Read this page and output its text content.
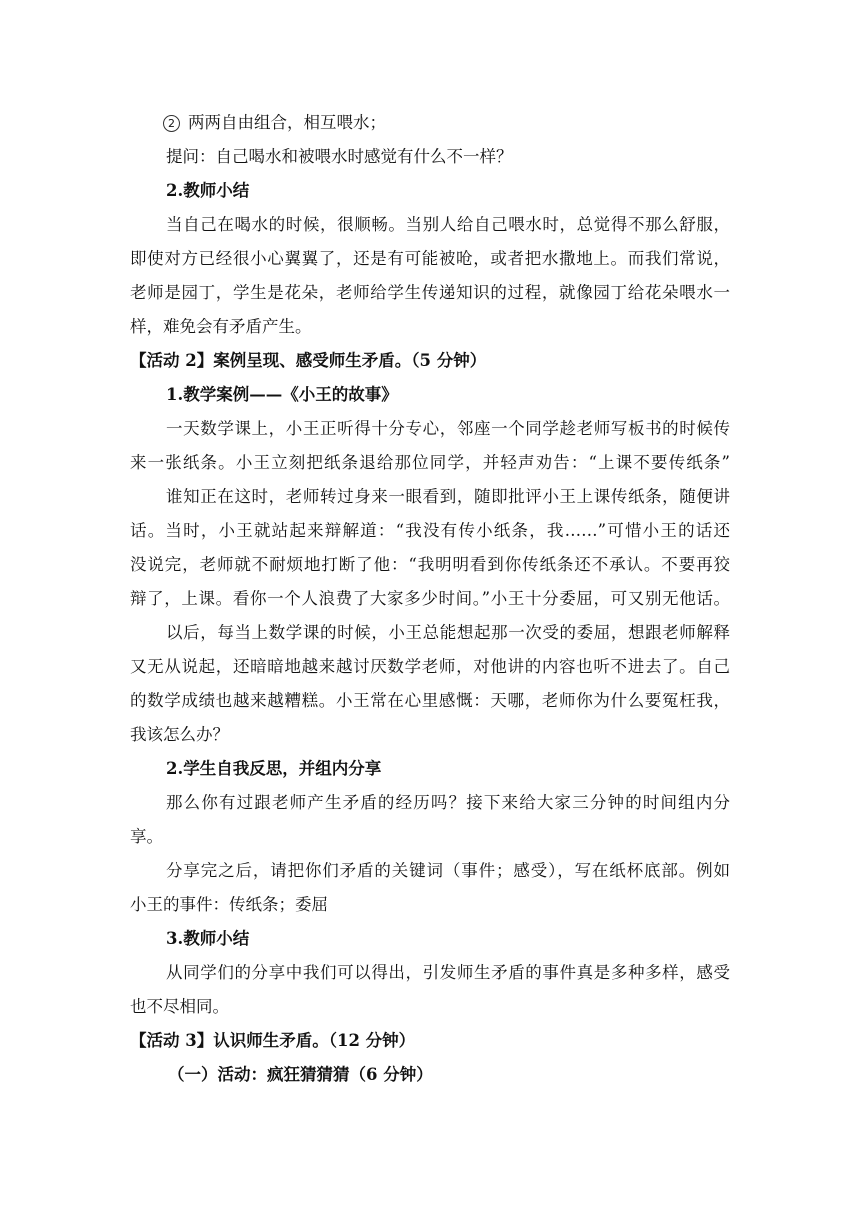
2 两两自由组合，相互喂水；
提问：自己喝水和被喂水时感觉有什么不一样？
2.教师小结
当自己在喝水的时候，很顺畅。当别人给自己喂水时，总觉得不那么舒服，
即使对方已经很小心翼翼了，还是有可能被呛，或者把水撒地上。而我们常说，
老师是园丁，学生是花朵，老师给学生传递知识的过程，就像园丁给花朵喂水一
样，难免会有矛盾产生。
【活动 2】案例呈现、感受师生矛盾。（5 分钟）
1.教学案例——《小王的故事》
一天数学课上，小王正听得十分专心，邻座一个同学趁老师写板书的时候传
来一张纸条。小王立刻把纸条退给那位同学，并轻声劝告：“上课不要传纸条”
谁知正在这时，老师转过身来一眼看到，随即批评小王上课传纸条，随便讲
话。当时，小王就站起来辩解道：“我没有传小纸条，我……”可惜小王的话还
没说完，老师就不耐烦地打断了他：“我明明看到你传纸条还不承认。不要再狡
辩了，上课。看你一个人浪费了大家多少时间。”小王十分委屈，可又别无他话。
以后，每当上数学课的时候，小王总能想起那一次受的委屈，想跟老师解释
又无从说起，还暗暗地越来越讨厌数学老师，对他讲的内容也听不进去了。自己
的数学成绩也越来越糟糕。小王常在心里感慨：天哪，老师你为什么要冤枉我，
我该怎么办？
2.学生自我反思，并组内分享
那么你有过跟老师产生矛盾的经历吗？接下来给大家三分钟的时间组内分
享。
分享完之后，请把你们矛盾的关键词（事件；感受），写在纸杯底部。例如
小王的事件：传纸条；委屈
3.教师小结
从同学们的分享中我们可以得出，引发师生矛盾的事件真是多种多样，感受
也不尽相同。
【活动 3】认识师生矛盾。（12 分钟）
（一）活动：疯狂猜猜猜（6 分钟）
